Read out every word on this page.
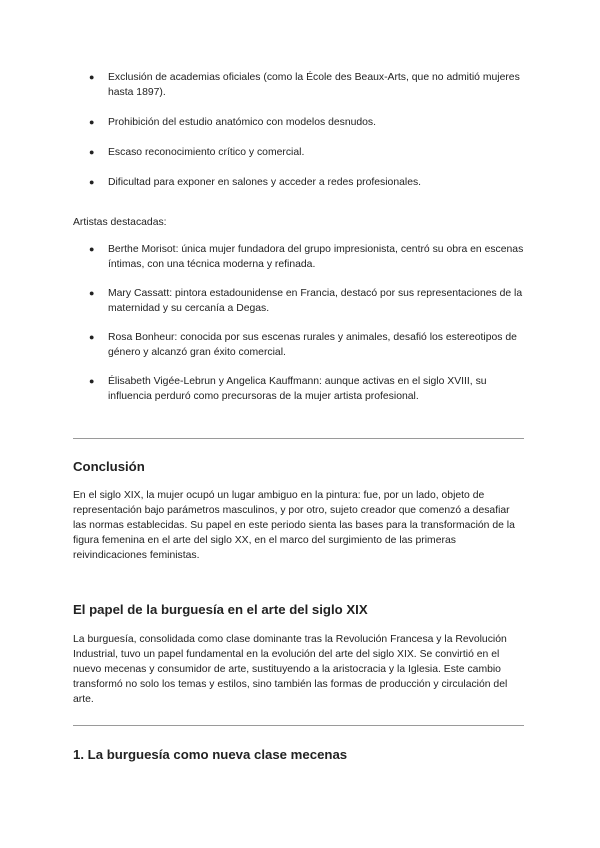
● Exclusión de academias oficiales (como la École des Beaux-Arts, que no admitió mujeres hasta 1897).
● Prohibición del estudio anatómico con modelos desnudos.
● Escaso reconocimiento crítico y comercial.
● Dificultad para exponer en salones y acceder a redes profesionales.
Artistas destacadas:
● Berthe Morisot: única mujer fundadora del grupo impresionista, centró su obra en escenas íntimas, con una técnica moderna y refinada.
● Mary Cassatt: pintora estadounidense en Francia, destacó por sus representaciones de la maternidad y su cercanía a Degas.
● Rosa Bonheur: conocida por sus escenas rurales y animales, desafió los estereotipos de género y alcanzó gran éxito comercial.
● Élisabeth Vigée-Lebrun y Angelica Kauffmann: aunque activas en el siglo XVIII, su influencia perduró como precursoras de la mujer artista profesional.
Conclusión
En el siglo XIX, la mujer ocupó un lugar ambiguo en la pintura: fue, por un lado, objeto de representación bajo parámetros masculinos, y por otro, sujeto creador que comenzó a desafiar las normas establecidas. Su papel en este periodo sienta las bases para la transformación de la figura femenina en el arte del siglo XX, en el marco del surgimiento de las primeras reivindicaciones feministas.
El papel de la burguesía en el arte del siglo XIX
La burguesía, consolidada como clase dominante tras la Revolución Francesa y la Revolución Industrial, tuvo un papel fundamental en la evolución del arte del siglo XIX. Se convirtió en el nuevo mecenas y consumidor de arte, sustituyendo a la aristocracia y la Iglesia. Este cambio transformó no solo los temas y estilos, sino también las formas de producción y circulación del arte.
1. La burguesía como nueva clase mecenas
